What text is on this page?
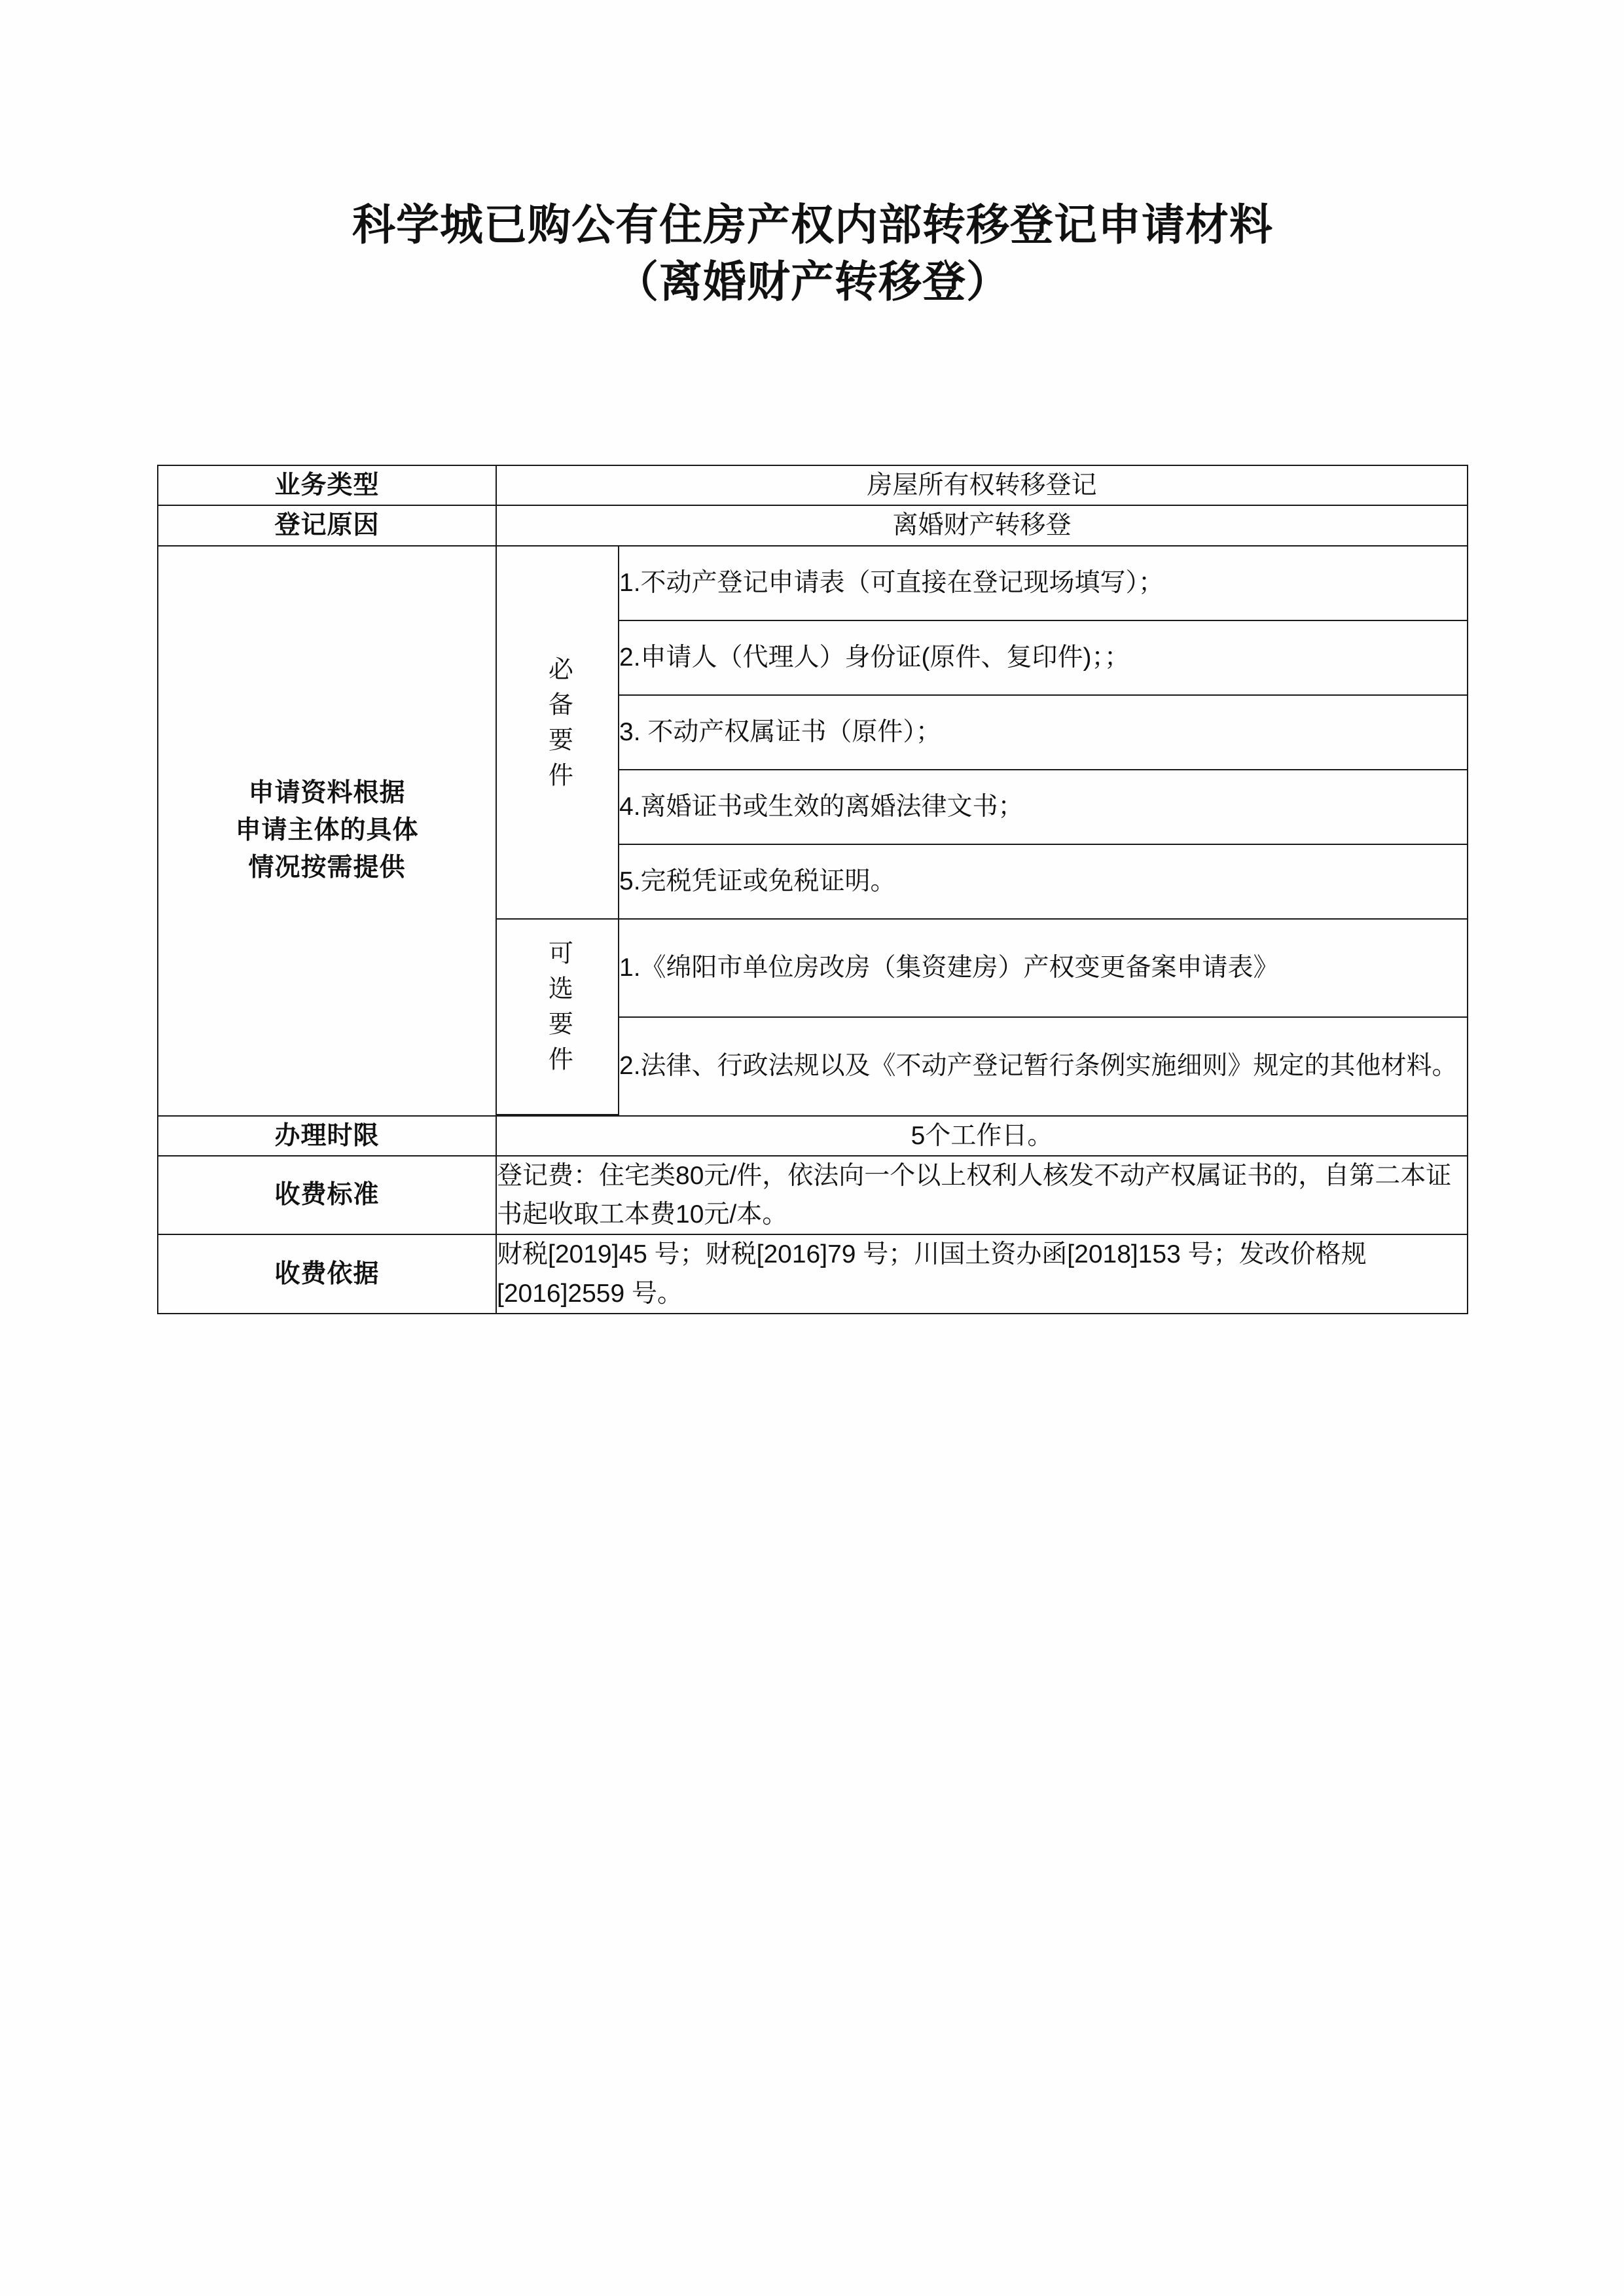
科学城已购公有住房产权内部转移登记申请材料
（离婚财产转移登）
业务类型	房屋所有权转移登记
登记原因	离婚财产转移登

申请资料根据
申请主体的具体
情况按需提供

必备要件	1.不动产登记申请表（可直接在登记现场填写）；
2.申请人（代理人）身份证(原件、复印件)；；
3. 不动产权属证书（原件）；
4.离婚证书或生效的离婚法律文书；
5.完税凭证或免税证明。
可选要件	1.《绵阳市单位房改房（集资建房）产权变更备案申请表》
2.法律、行政法规以及《不动产登记暂行条例实施细则》规定的其他材料。

办理时限	5个工作日。
收费标准	登记费：住宅类80元/件，依法向一个以上权利人核发不动产权属证书的，自第二本证书起收取工本费10元/本。
收费依据	财税[2019]45 号；财税[2016]79 号；川国土资办函[2018]153 号；发改价格规[2016]2559 号。
